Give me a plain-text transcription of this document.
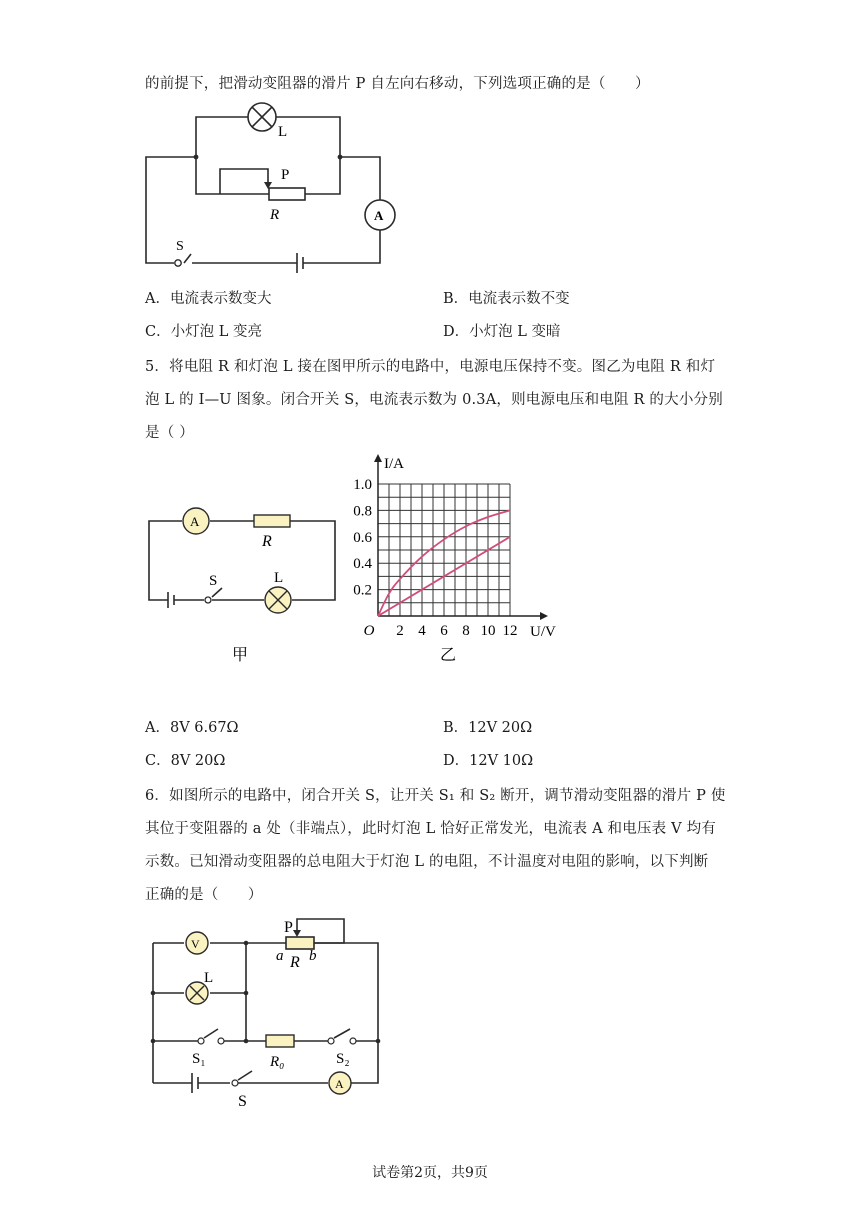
的前提下，把滑动变阻器的滑片 P 自左向右移动，下列选项正确的是（　　）
L
P
R	A
S
A．电流表示数变大	B．电流表示数不变
C．小灯泡 L 变亮	D．小灯泡 L 变暗
5．将电阻 R 和灯泡 L 接在图甲所示的电路中，电源电压保持不变。图乙为电阻 R 和灯
泡 L 的 I—U 图象。闭合开关 S，电流表示数为 0.3A，则电源电压和电阻 R 的大小分别
是（ ）
A
R
S	L
甲
2 4 6 8 10 12
0.2
0.4
0.6
0.8
1.0
O	U/V
I/A
乙
A．8V 6.67Ω	B．12V 20Ω
C．8V 20Ω	D．12V 10Ω
6．如图所示的电路中，闭合开关 S，让开关 S₁ 和 S₂ 断开，调节滑动变阻器的滑片 P 使
其位于变阻器的 a 处（非端点），此时灯泡 L 恰好正常发光，电流表 A 和电压表 V 均有
示数。已知滑动变阻器的总电阻大于灯泡 L 的电阻，不计温度对电阻的影响，以下判断
正确的是（　　）
V
L
P
a R b
S₁	R₀	S₂
S
A
试卷第2页，共9页
